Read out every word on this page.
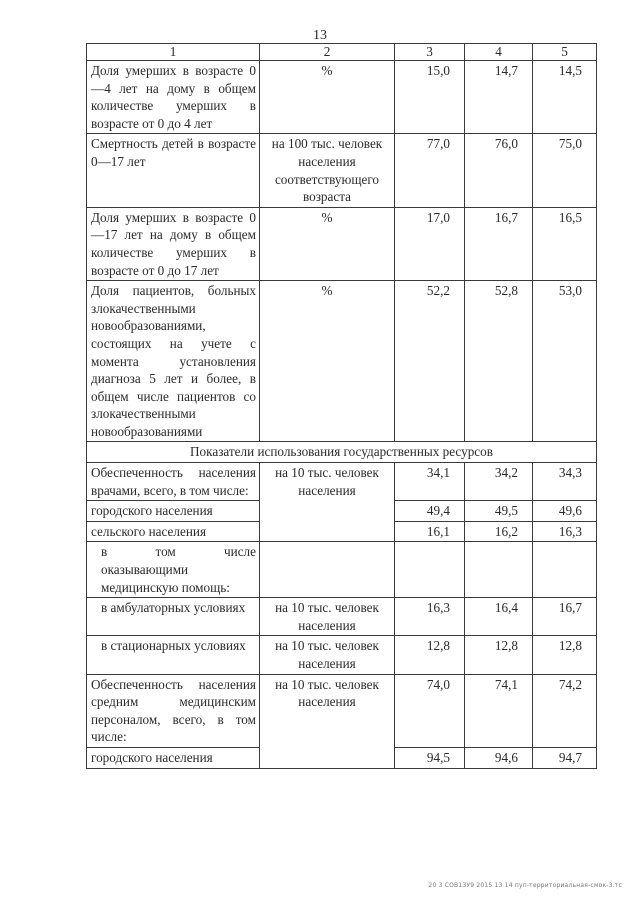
13
1	2	3	4	5
Доля умерших в возрасте 0—4 лет на дому в общем количестве умерших в возрасте от 0 до 4 лет	%	15,0	14,7	14,5
Смертность детей в возрасте 0—17 лет	на 100 тыс. человек населения соответствующего возраста	77,0	76,0	75,0
Доля умерших в возрасте 0—17 лет на дому в общем количестве умерших в возрасте от 0 до 17 лет	%	17,0	16,7	16,5
Доля пациентов, больных злокачественными новообразованиями, состоящих на учете с момента установления диагноза 5 лет и более, в общем числе пациентов со злокачественными новообразованиями	%	52,2	52,8	53,0
Показатели использования государственных ресурсов				
Обеспеченность населения врачами, всего, в том числе:	на 10 тыс. человек населения	34,1	34,2	34,3
городского населения		49,4	49,5	49,6
сельского населения		16,1	16,2	16,3
в том числе оказывающими медицинскую помощь:				
в амбулаторных условиях	на 10 тыс. человек населения	16,3	16,4	16,7
в стационарных условиях	на 10 тыс. человек населения	12,8	12,8	12,8
Обеспеченность населения средним медицинским персоналом, всего, в том числе:	на 10 тыс. человек населения	74,0	74,1	74,2
городского населения		94,5	94,6	94,7
20 3 СОВ1ЗУ9 2015 13 14 пуп-территориальная-смок-3.тс
